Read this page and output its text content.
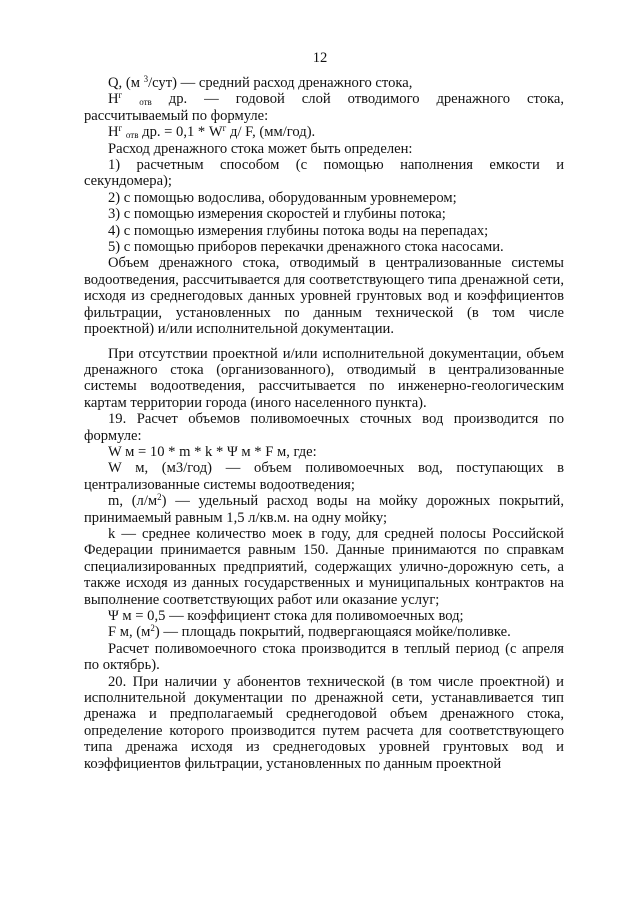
12

Q, (м $^3$/сут) — средний расход дренажного стока,

$Н^г$ $_{отв}$ др. — годовой слой отводимого дренажного стока, рассчитываемый по формуле:

$Н^г$ $_{отв}$ др. = $0,1 * W^г$ д/ F, (мм/год).

Расход дренажного стока может быть определен:

1) расчетным способом (с помощью наполнения емкости и секундомера);

2) с помощью водослива, оборудованным уровнемером;

3) с помощью измерения скоростей и глубины потока;

4) с помощью измерения глубины потока воды на перепадах;

5) с помощью приборов перекачки дренажного стока насосами.

Объем дренажного стока, отводимый в централизованные системы водоотведения, рассчитывается для соответствующего типа дренажной сети, исходя из среднегодовых данных уровней грунтовых вод и коэффициентов фильтрации, установленных по данным технической (в том числе проектной) и/или исполнительной документации.

При отсутствии проектной и/или исполнительной документации, объем дренажного стока (организованного), отводимый в централизованные системы водоотведения, рассчитывается по инженерно-геологическим картам территории города (иного населенного пункта).

19. Расчет объемов поливомоечных сточных вод производится по формуле:

W м = 10 * m * k * Ψ м * F м, где:

W м, (м3/год) — объем поливомоечных вод, поступающих в централизованные системы водоотведения;

m, $(л/м^2)$ — удельный расход воды на мойку дорожных покрытий, принимаемый равным 1,5 л/кв.м. на одну мойку;

k — среднее количество моек в году, для средней полосы Российской Федерации принимается равным 150. Данные принимаются по справкам специализированных предприятий, содержащих улично-дорожную сеть, а также исходя из данных государственных и муниципальных контрактов на выполнение соответствующих работ или оказание услуг;

Ψ м = 0,5 — коэффициент стока для поливомоечных вод;

F м, $(м^2)$ — площадь покрытий, подвергающаяся мойке/поливке.

Расчет поливомоечного стока производится в теплый период (с апреля по октябрь).

20. При наличии у абонентов технической (в том числе проектной) и исполнительной документации по дренажной сети, устанавливается тип дренажа и предполагаемый среднегодовой объем дренажного стока, определение которого производится путем расчета для соответствующего типа дренажа исходя из среднегодовых уровней грунтовых вод и коэффициентов фильтрации, установленных по данным проектной
